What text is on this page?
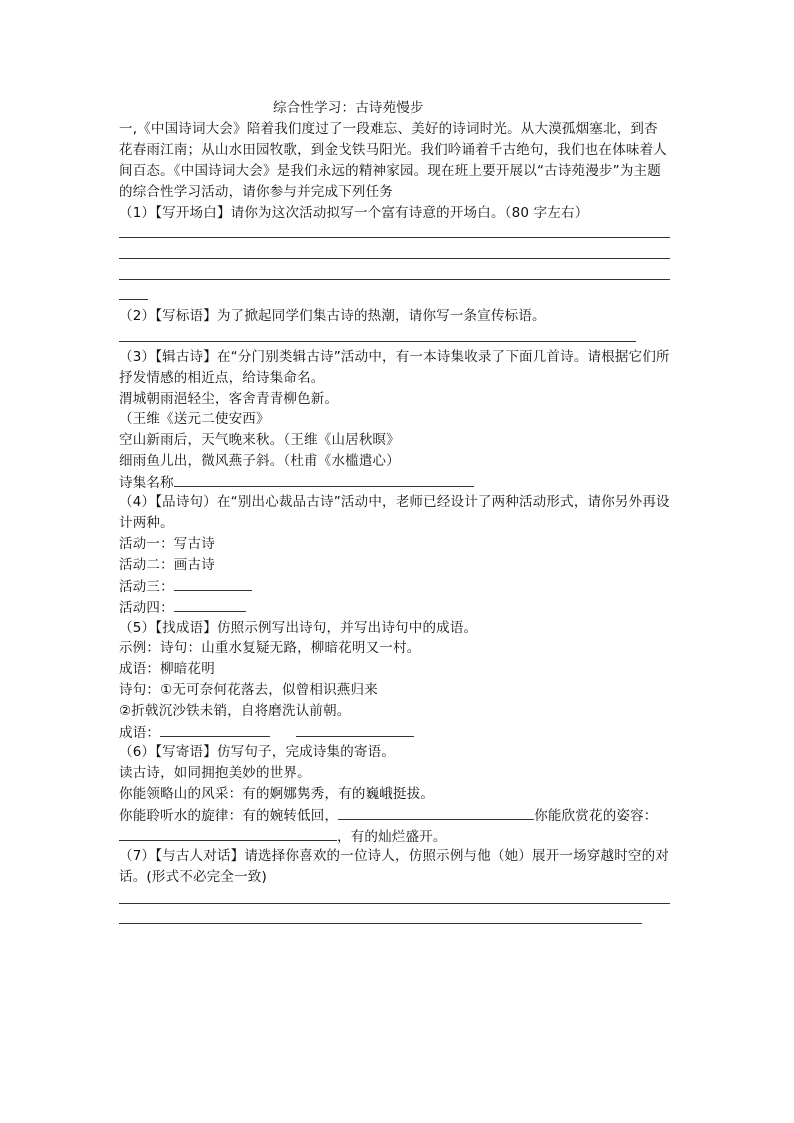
综合性学习：古诗苑慢步

一,《中国诗词大会》陪着我们度过了一段难忘、美好的诗词时光。从大漠孤烟塞北，到杏

花春雨江南；从山水田园牧歌，到金戈铁马阳光。我们吟诵着千古绝句，我们也在体味着人

间百态。《中国诗词大会》是我们永远的精神家园。现在班上要开展以“古诗苑漫步”为主题

的综合性学习活动，请你参与并完成下列任务

（1）【写开场白】请你为这次活动拟写一个富有诗意的开场白。（80 字左右）

（2）【写标语】为了掀起同学们集古诗的热潮，请你写一条宣传标语。

（3）【辑古诗】在“分门别类辑古诗”活动中，有一本诗集收录了下面几首诗。请根据它们所

抒发情感的相近点，给诗集命名。

渭城朝雨浥轻尘，客舍青青柳色新。

（王维《送元二使安西》

空山新雨后，天气晚来秋。（王维《山居秋暝》

细雨鱼儿出，微风燕子斜。（杜甫《水槛遣心）

诗集名称

（4）【品诗句）在“别出心裁品古诗”活动中，老师已经设计了两种活动形式，请你另外再设

计两种。

活动一：写古诗

活动二：画古诗

活动三：

活动四：

（5）【找成语】仿照示例写出诗句，并写出诗句中的成语。

示例：诗句：山重水复疑无路，柳暗花明又一村。

成语：柳暗花明

诗句：①无可奈何花落去，似曾相识燕归来

②折戟沉沙铁未销，自将磨洗认前朝。

成语：

（6）【写寄语】仿写句子，完成诗集的寄语。

读古诗，如同拥抱美妙的世界。

你能领略山的风采：有的婀娜隽秀，有的巍峨挺拔。

你能聆听水的旋律：有的婉转低回，	你能欣赏花的姿容：

，有的灿烂盛开。

（7）【与古人对话】请选择你喜欢的一位诗人，仿照示例与他（她）展开一场穿越时空的对

话。(形式不必完全一致)
